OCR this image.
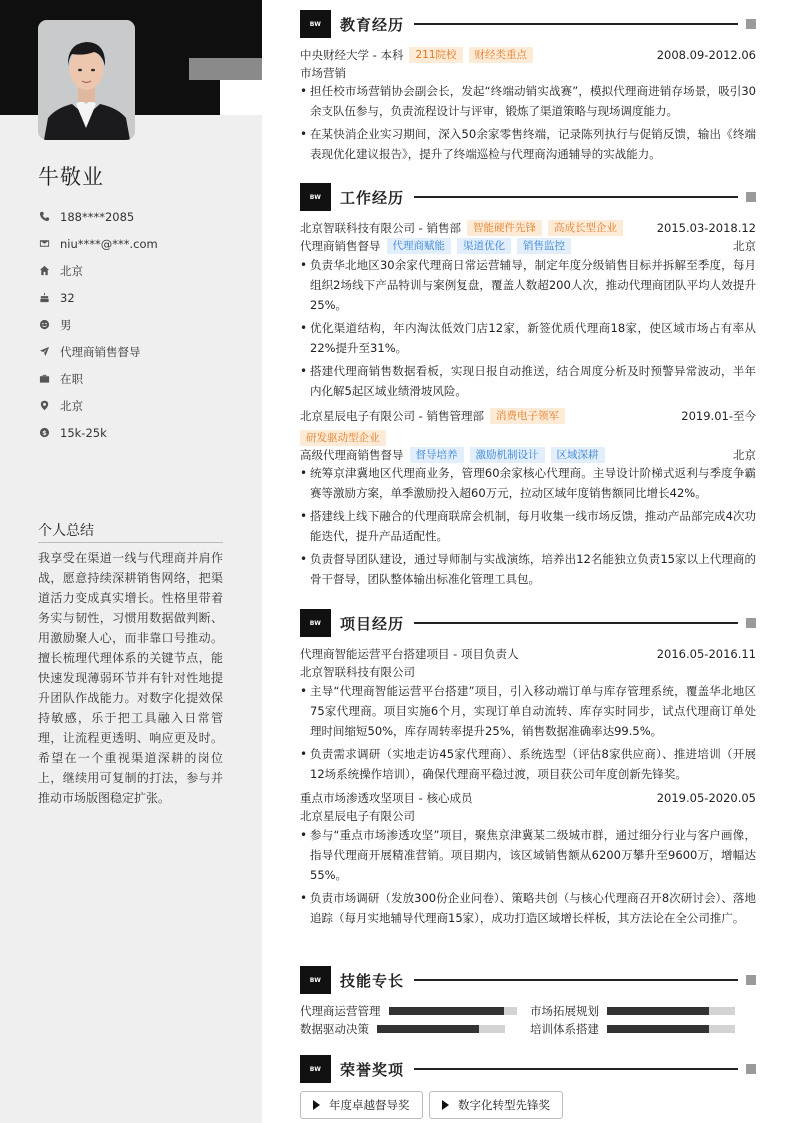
牛敬业
188****2085
niu****@***.com
北京
32
男
代理商销售督导
在职
北京
$ 15k-25k
个人总结
我享受在渠道一线与代理商并肩作战，愿意持续深耕销售网络，把渠道活力变成真实增长。性格里带着务实与韧性，习惯用数据做判断、用激励聚人心，而非靠口号推动。擅长梳理代理体系的关键节点，能快速发现薄弱环节并有针对性地提升团队作战能力。对数字化提效保持敏感，乐于把工具融入日常管理，让流程更透明、响应更及时。希望在一个重视渠道深耕的岗位上，继续用可复制的打法，参与并推动市场版图稳定扩张。
BW	教育经历
中央财经大学 - 本科	211院校	财经类重点	2008.09-2012.06
市场营销
• 担任校市场营销协会副会长，发起“终端动销实战赛”，模拟代理商进销存场景，吸引30余支队伍参与，负责流程设计与评审，锻炼了渠道策略与现场调度能力。
• 在某快消企业实习期间，深入50余家零售终端，记录陈列执行与促销反馈，输出《终端表现优化建议报告》，提升了终端巡检与代理商沟通辅导的实战能力。
BW	工作经历
北京智联科技有限公司 - 销售部	智能硬件先锋	高成长型企业	2015.03-2018.12
代理商销售督导	代理商赋能	渠道优化	销售监控	北京
• 负责华北地区30余家代理商日常运营辅导，制定年度分级销售目标并拆解至季度，每月组织2场线下产品特训与案例复盘，覆盖人数超200人次，推动代理商团队平均人效提升25%。
• 优化渠道结构，年内淘汰低效门店12家，新签优质代理商18家，使区域市场占有率从22%提升至31%。
• 搭建代理商销售数据看板，实现日报自动推送，结合周度分析及时预警异常波动，半年内化解5起区域业绩滑坡风险。
北京星辰电子有限公司 - 销售管理部	消费电子领军	2019.01-至今
研发驱动型企业
高级代理商销售督导	督导培养	激励机制设计	区域深耕	北京
• 统筹京津冀地区代理商业务，管理60余家核心代理商。主导设计阶梯式返利与季度争霸赛等激励方案，单季激励投入超60万元，拉动区域年度销售额同比增长42%。
• 搭建线上线下融合的代理商联席会机制，每月收集一线市场反馈，推动产品部完成4次功能迭代，提升产品适配性。
• 负责督导团队建设，通过导师制与实战演练，培养出12名能独立负责15家以上代理商的骨干督导，团队整体输出标准化管理工具包。
BW	项目经历
代理商智能运营平台搭建项目 - 项目负责人	2016.05-2016.11
北京智联科技有限公司
• 主导“代理商智能运营平台搭建”项目，引入移动端订单与库存管理系统，覆盖华北地区75家代理商。项目实施6个月，实现订单自动流转、库存实时同步，试点代理商订单处理时间缩短50%，库存周转率提升25%，销售数据准确率达99.5%。
• 负责需求调研（实地走访45家代理商）、系统选型（评估8家供应商）、推进培训（开展12场系统操作培训），确保代理商平稳过渡，项目获公司年度创新先锋奖。
重点市场渗透攻坚项目 - 核心成员	2019.05-2020.05
北京星辰电子有限公司
• 参与“重点市场渗透攻坚”项目，聚焦京津冀某二级城市群，通过细分行业与客户画像，指导代理商开展精准营销。项目期内，该区域销售额从6200万攀升至9600万，增幅达55%。
• 负责市场调研（发放300份企业问卷）、策略共创（与核心代理商召开8次研讨会）、落地追踪（每月实地辅导代理商15家），成功打造区域增长样板，其方法论在全公司推广。
BW	技能专长
代理商运营管理	市场拓展规划
数据驱动决策	培训体系搭建
BW	荣誉奖项
年度卓越督导奖	数字化转型先锋奖
